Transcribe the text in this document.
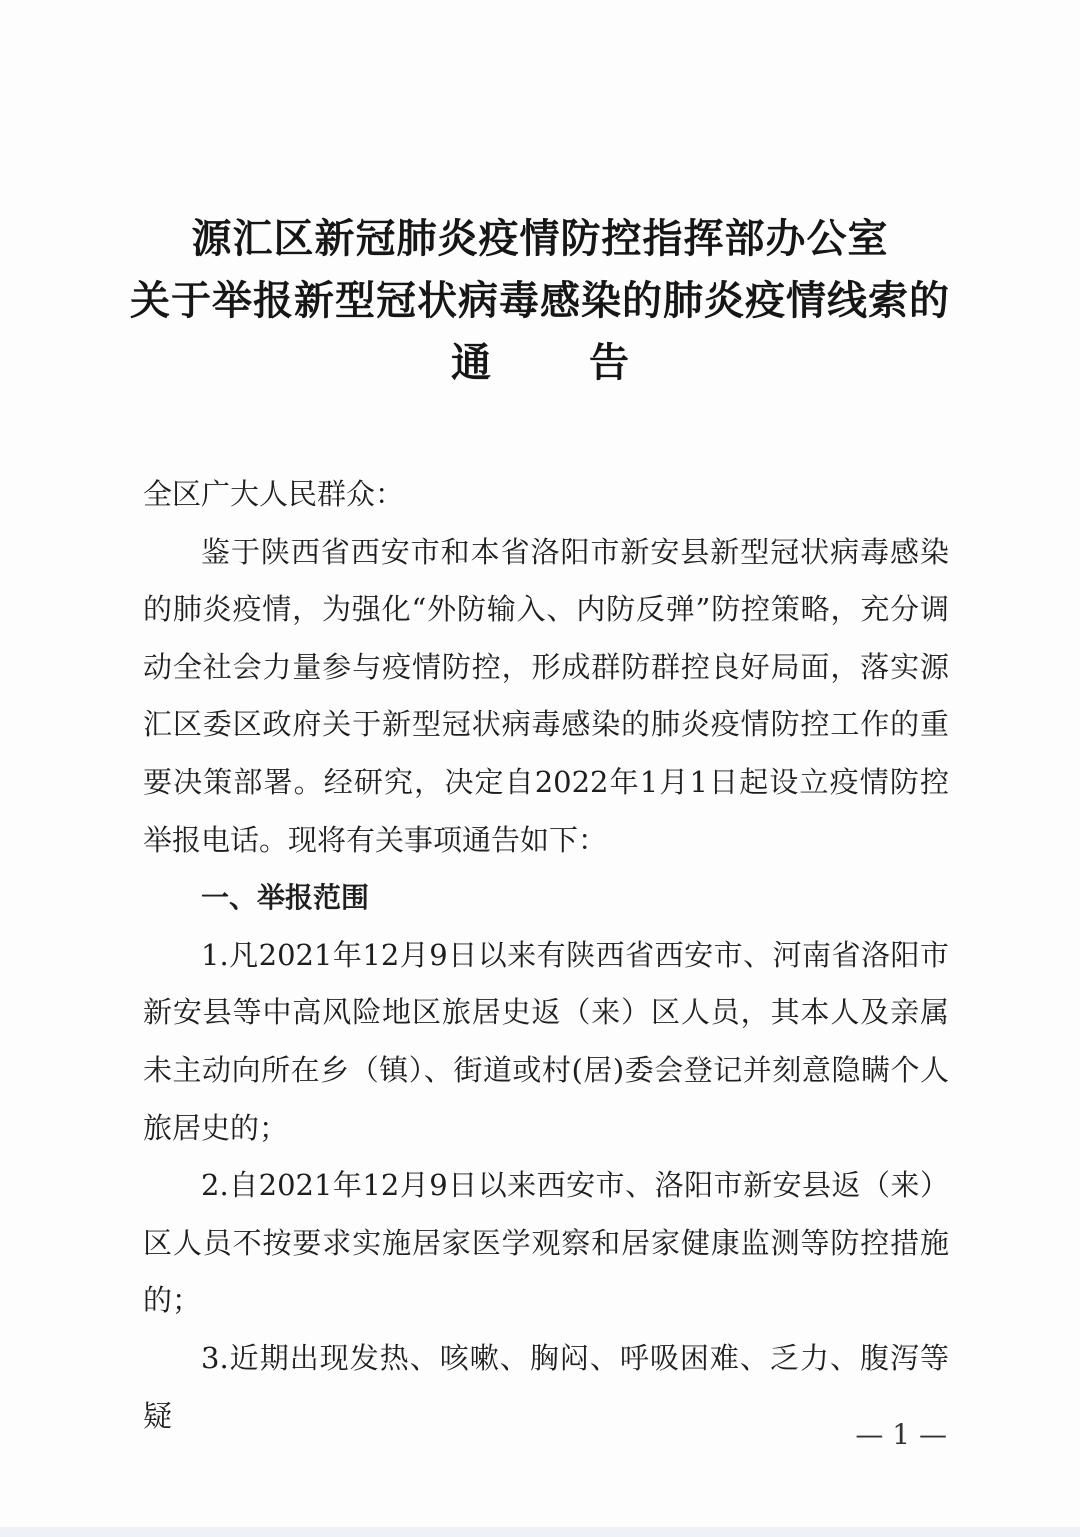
源汇区新冠肺炎疫情防控指挥部办公室
关于举报新型冠状病毒感染的肺炎疫情线索的
通告

全区广大人民群众：

鉴于陕西省西安市和本省洛阳市新安县新型冠状病毒感染的肺炎疫情，为强化“外防输入、内防反弹”防控策略，充分调动全社会力量参与疫情防控，形成群防群控良好局面，落实源汇区委区政府关于新型冠状病毒感染的肺炎疫情防控工作的重要决策部署。经研究，决定自2022年1月1日起设立疫情防控举报电话。现将有关事项通告如下：

一、举报范围

1.凡2021年12月9日以来有陕西省西安市、河南省洛阳市新安县等中高风险地区旅居史返（来）区人员，其本人及亲属未主动向所在乡（镇）、街道或村(居)委会登记并刻意隐瞒个人旅居史的；

2.自2021年12月9日以来西安市、洛阳市新安县返（来）区人员不按要求实施居家医学观察和居家健康监测等防控措施的；

3.近期出现发热、咳嗽、胸闷、呼吸困难、乏力、腹泻等疑

— 1 —
